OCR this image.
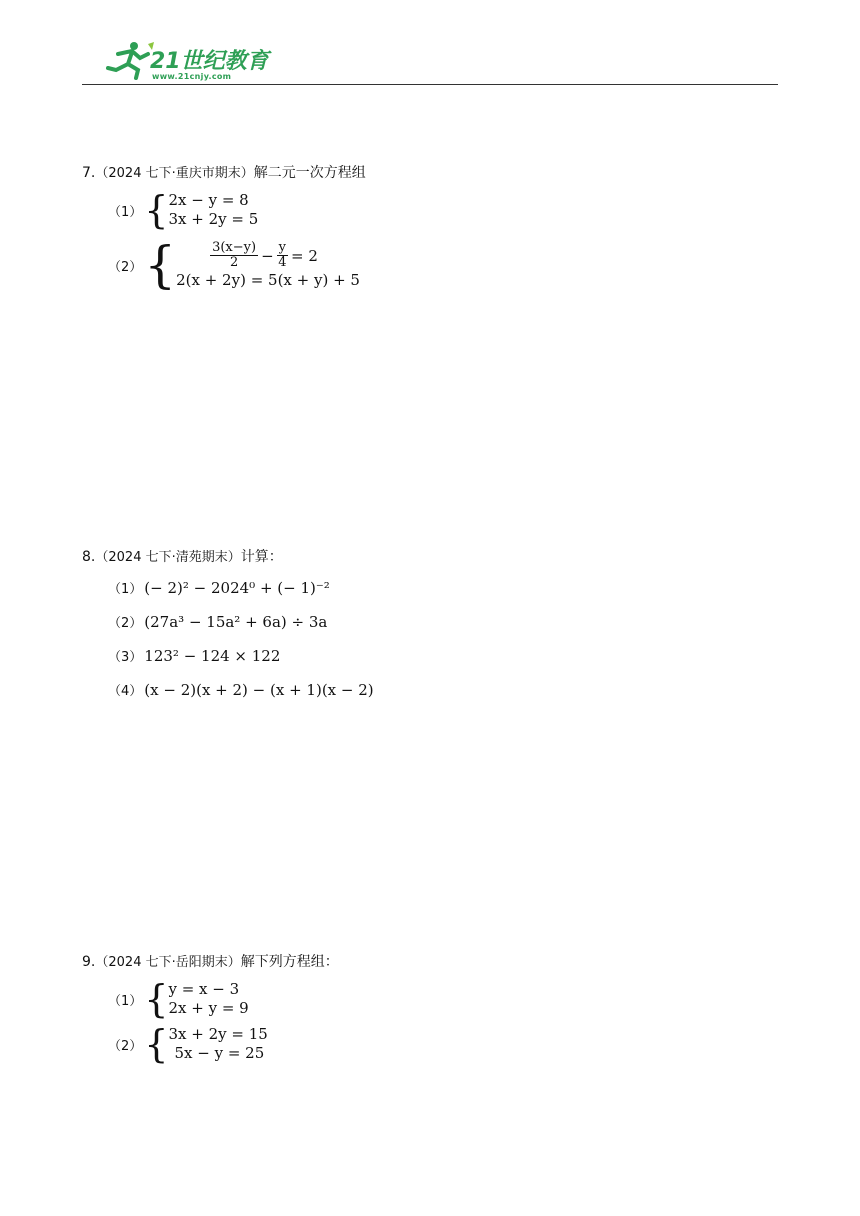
21世纪教育
www.21cnjy.com
7.（2024 七下·重庆市期末）解二元一次方程组
（1） { 2x − y = 8
3x + 2y = 5
（2） {	$\frac{3(x-y)}{2} - \frac{y}{4} = 2$
2(x + 2y) = 5(x + y) + 5
8.（2024 七下·清苑期末）计算：
（1） (− 2)² − 2024⁰ + (− 1)⁻²
（2） (27a³ − 15a² + 6a) ÷ 3a
（3） 123² − 124 × 122
（4） (x − 2)(x + 2) − (x + 1)(x − 2)
9.（2024 七下·岳阳期末）解下列方程组：
（1） { y = x − 3
2x + y = 9
（2） { 3x + 2y = 15
5x − y = 25
